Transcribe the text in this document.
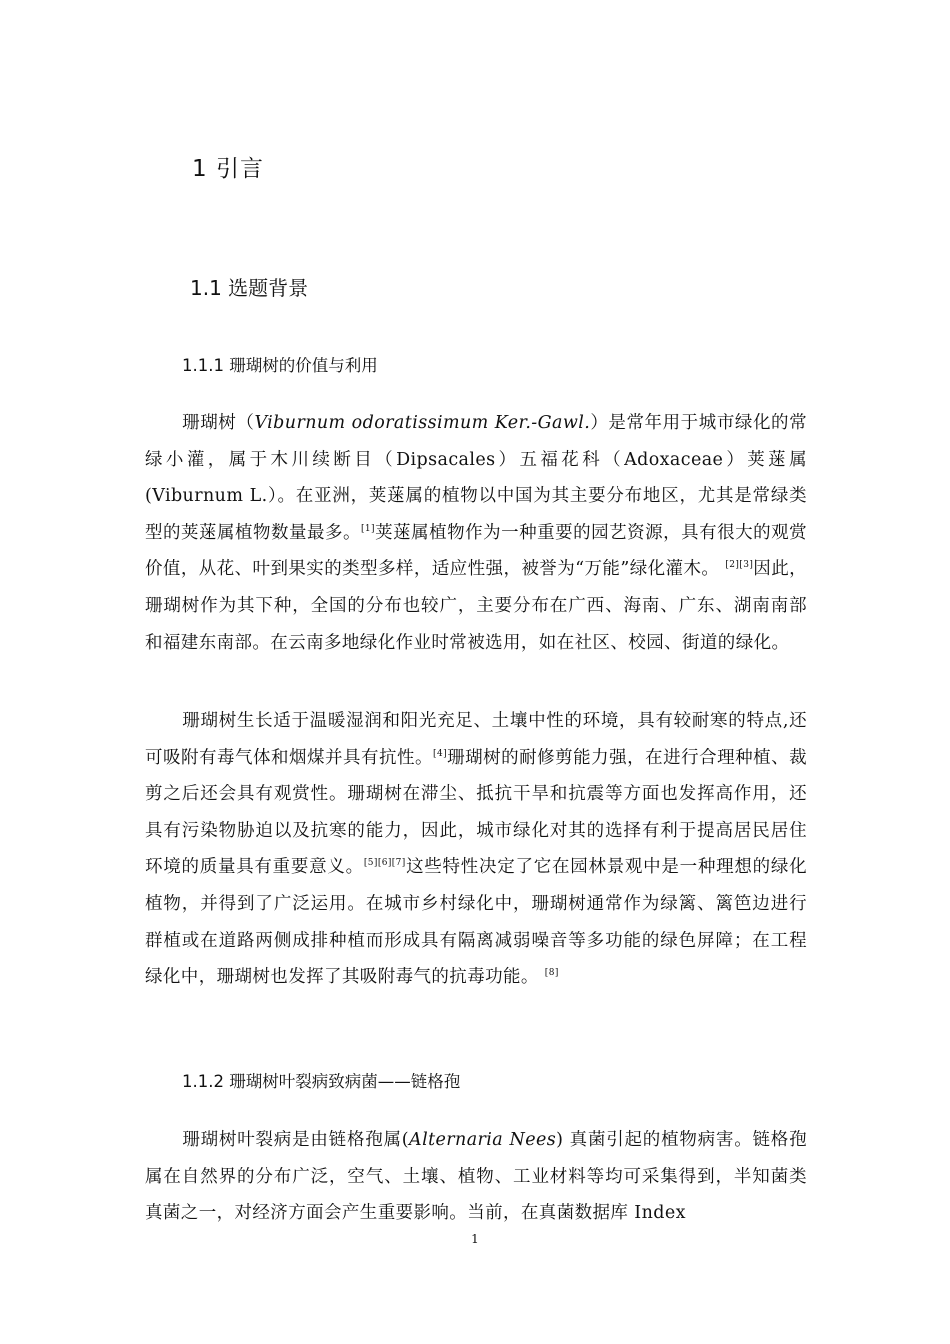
1 引言
1.1 选题背景
1.1.1 珊瑚树的价值与利用

珊瑚树（Viburnum odoratissimum Ker.-Gawl.）是常年用于城市绿化的常绿小灌，属于木川续断目（Dipsacales）五福花科（Adoxaceae）荚蒾属(Viburnum L.）。在亚洲，荚蒾属的植物以中国为其主要分布地区，尤其是常绿类型的荚蒾属植物数量最多。[1]荚蒾属植物作为一种重要的园艺资源，具有很大的观赏价值，从花、叶到果实的类型多样，适应性强，被誉为“万能”绿化灌木。 [2][3]因此，珊瑚树作为其下种，全国的分布也较广，主要分布在广西、海南、广东、湖南南部和福建东南部。在云南多地绿化作业时常被选用，如在社区、校园、街道的绿化。

珊瑚树生长适于温暖湿润和阳光充足、土壤中性的环境，具有较耐寒的特点,还可吸附有毒气体和烟煤并具有抗性。[4]珊瑚树的耐修剪能力强，在进行合理种植、裁剪之后还会具有观赏性。珊瑚树在滞尘、抵抗干旱和抗震等方面也发挥高作用，还具有污染物胁迫以及抗寒的能力，因此，城市绿化对其的选择有利于提高居民居住环境的质量具有重要意义。[5][6][7]这些特性决定了它在园林景观中是一种理想的绿化植物，并得到了广泛运用。在城市乡村绿化中，珊瑚树通常作为绿篱、篱笆边进行群植或在道路两侧成排种植而形成具有隔离减弱噪音等多功能的绿色屏障；在工程绿化中，珊瑚树也发挥了其吸附毒气的抗毒功能。 [8]

1.1.2 珊瑚树叶裂病致病菌——链格孢

珊瑚树叶裂病是由链格孢属(Alternaria Nees) 真菌引起的植物病害。链格孢属在自然界的分布广泛，空气、土壤、植物、工业材料等均可采集得到，半知菌类真菌之一，对经济方面会产生重要影响。当前，在真菌数据库 Index

1
